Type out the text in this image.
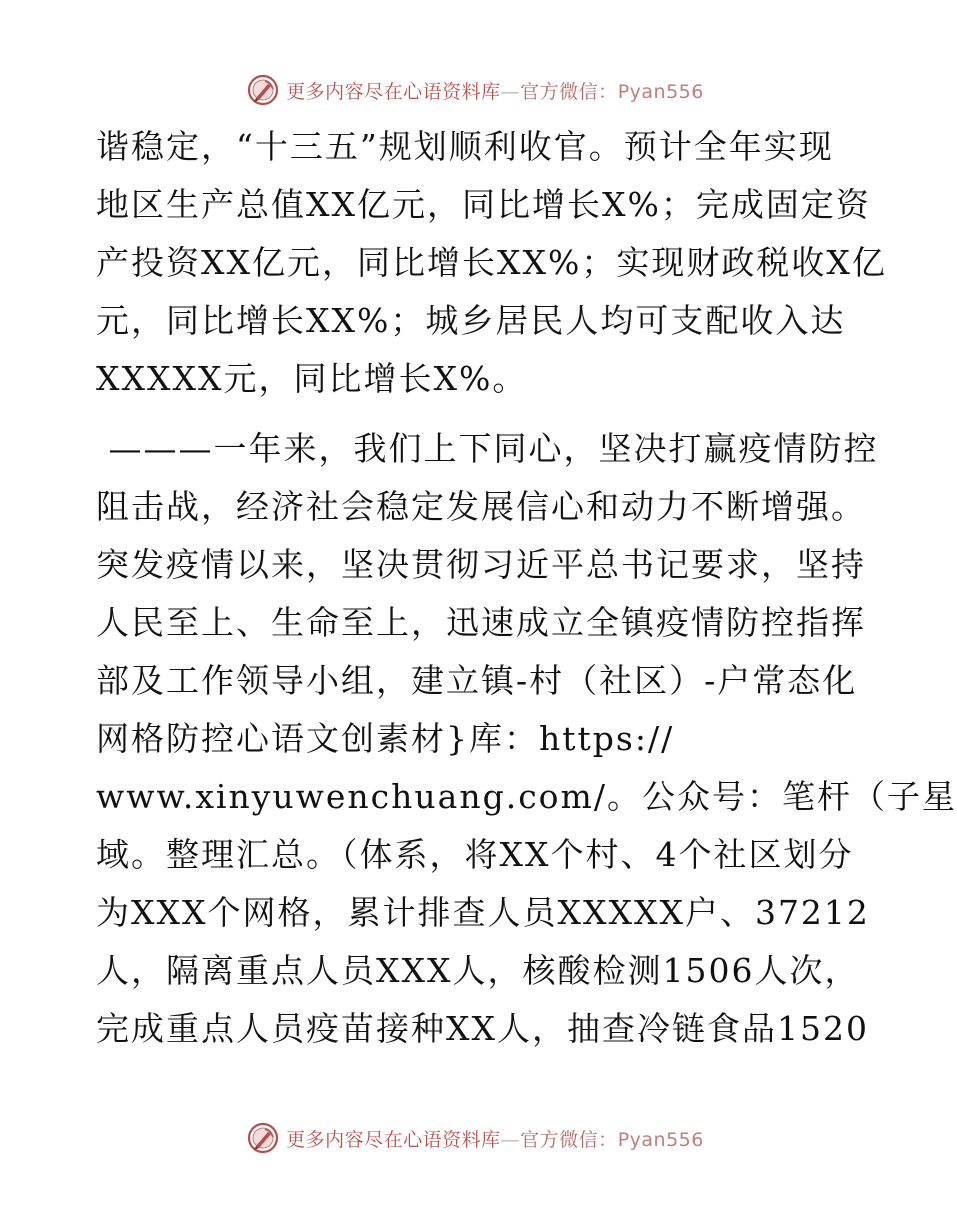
更多内容尽在心语资料库—官方微信：Pyan556
谐稳定，“十三五”规划顺利收官。预计全年实现
地区生产总值XX亿元，同比增长X%；完成固定资
产投资XX亿元，同比增长XX%；实现财政税收X亿
元，同比增长XX%；城乡居民人均可支配收入达
XXXXX元，同比增长X%。
———一年来，我们上下同心，坚决打赢疫情防控
阻击战，经济社会稳定发展信心和动力不断增强。
突发疫情以来，坚决贯彻习近平总书记要求，坚持
人民至上、生命至上，迅速成立全镇疫情防控指挥
部及工作领导小组，建立镇-村（社区）-户常态化
网格防控心语文创素材}库：https://
www.xinyuwenchuang.com/。公众号：笔杆（子星
域。整理汇总。（体系，将XX个村、4个社区划分
为XXX个网格，累计排查人员XXXXX户、37212
人，隔离重点人员XXX人，核酸检测1506人次，
完成重点人员疫苗接种XX人，抽查冷链食品1520
更多内容尽在心语资料库—官方微信：Pyan556
